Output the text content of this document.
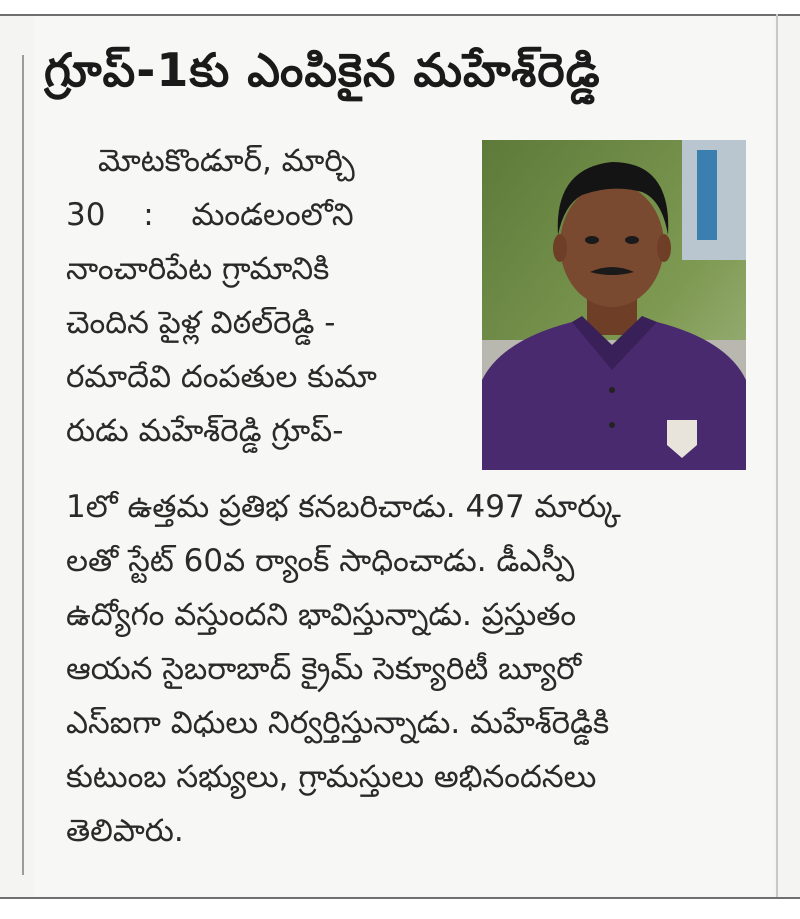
గ్రూప్-1కు ఎంపికైన మహేశ్‌రెడ్డి
మోటకొండూర్, మార్చి
30 : మండలంలోని
నాంచారిపేట గ్రామానికి
చెందిన పైళ్ల విఠల్‌రెడ్డి -
రమాదేవి దంపతుల కుమా
రుడు మహేశ్‌రెడ్డి గ్రూప్-
1లో ఉత్తమ ప్రతిభ కనబరిచాడు. 497 మార్కు
లతో స్టేట్ 60వ ర్యాంక్ సాధించాడు. డీఎస్పీ
ఉద్యోగం వస్తుందని భావిస్తున్నాడు. ప్రస్తుతం
ఆయన సైబరాబాద్ క్రైమ్ సెక్యూరిటీ బ్యూరో
ఎస్ఐగా విధులు నిర్వర్తిస్తున్నాడు. మహేశ్‌రెడ్డికి
కుటుంబ సభ్యులు, గ్రామస్తులు అభినందనలు
తెలిపారు.
